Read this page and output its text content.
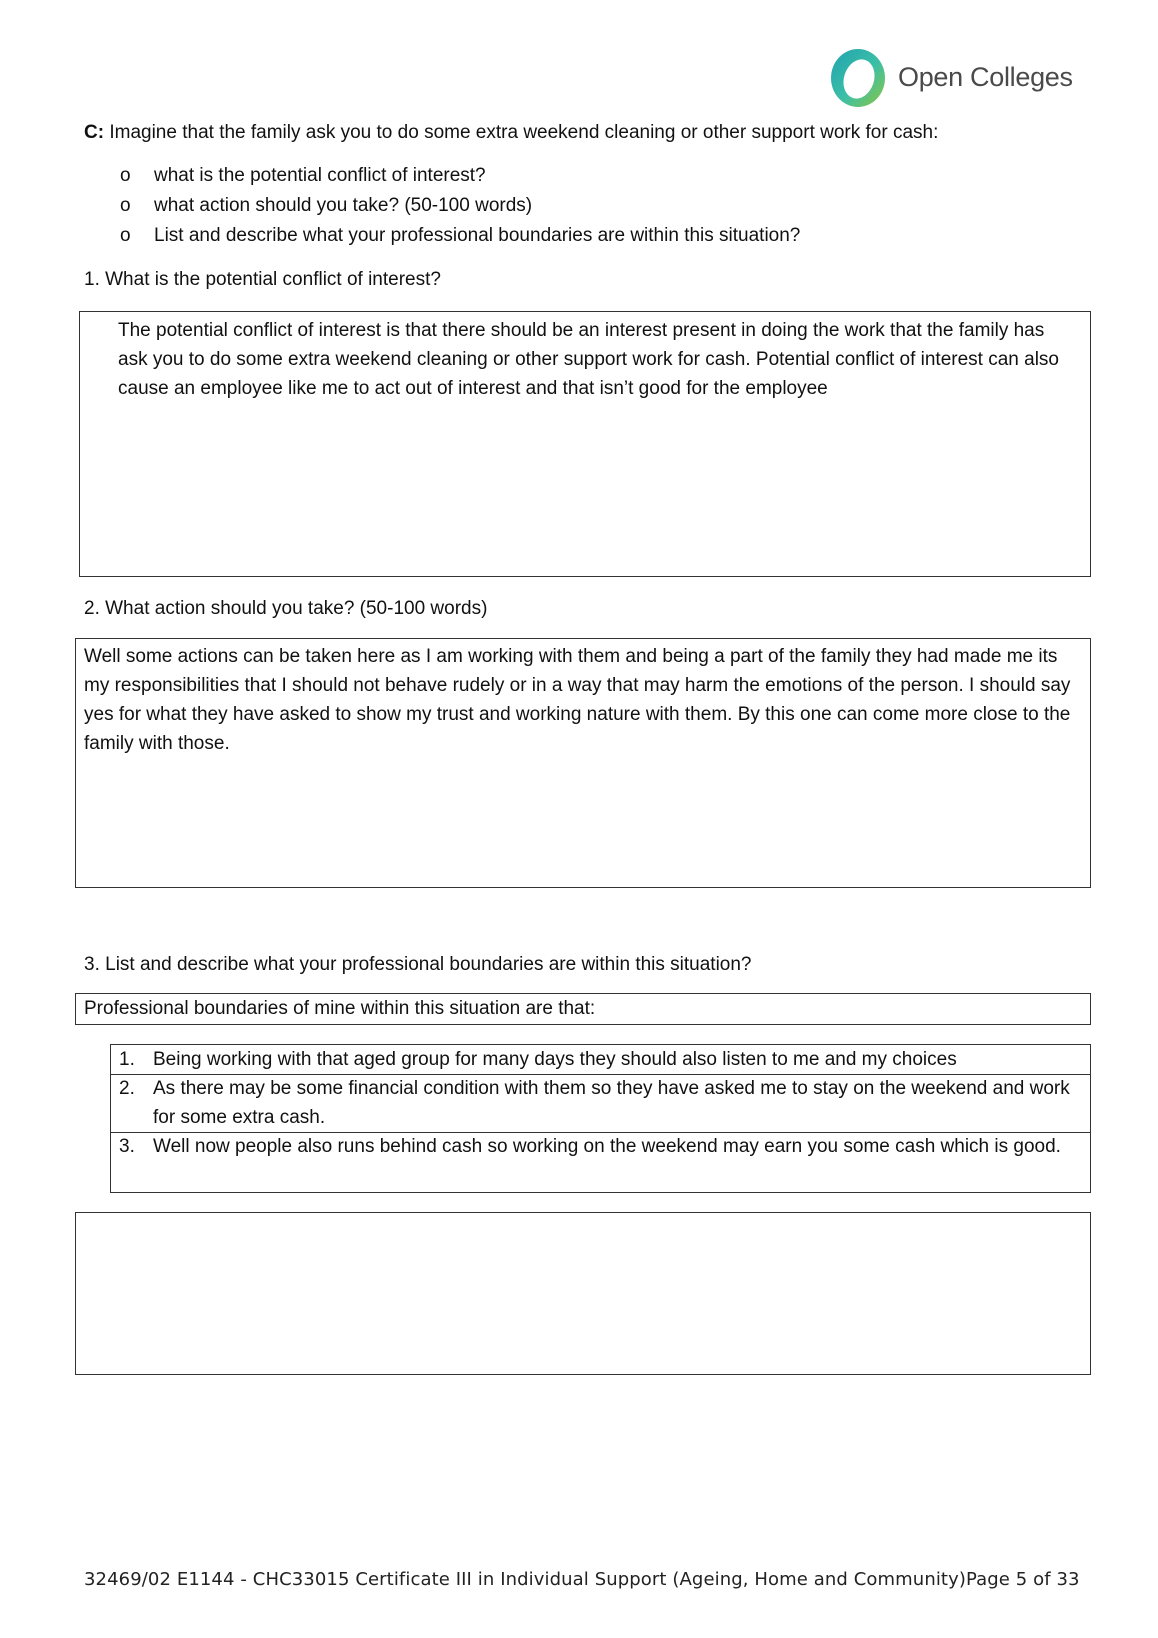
Open Colleges
C: Imagine that the family ask you to do some extra weekend cleaning or other support work for cash:
o	what is the potential conflict of interest?
o	what action should you take? (50-100 words)
o	List and describe what your professional boundaries are within this situation?
1. What is the potential conflict of interest?
The potential conflict of interest is that there should be an interest present in doing the work that the family has ask you to do some extra weekend cleaning or other support work for cash. Potential conflict of interest can also cause an employee like me to act out of interest and that isn’t good for the employee
2. What action should you take? (50-100 words)
Well some actions can be taken here as I am working with them and being a part of the family they had made me its my responsibilities that I should not behave rudely or in a way that may harm the emotions of the person. I should say yes for what they have asked to show my trust and working nature with them. By this one can come more close to the family with those.
3. List and describe what your professional boundaries are within this situation?
Professional boundaries of mine within this situation are that:
1. Being working with that aged group for many days they should also listen to me and my choices
2. As there may be some financial condition with them so they have asked me to stay on the weekend and work for some extra cash.
3. Well now people also runs behind cash so working on the weekend may earn you some cash which is good.
32469/02 E1144 - CHC33015 Certificate III in Individual Support (Ageing, Home and Community)Page 5 of 33
